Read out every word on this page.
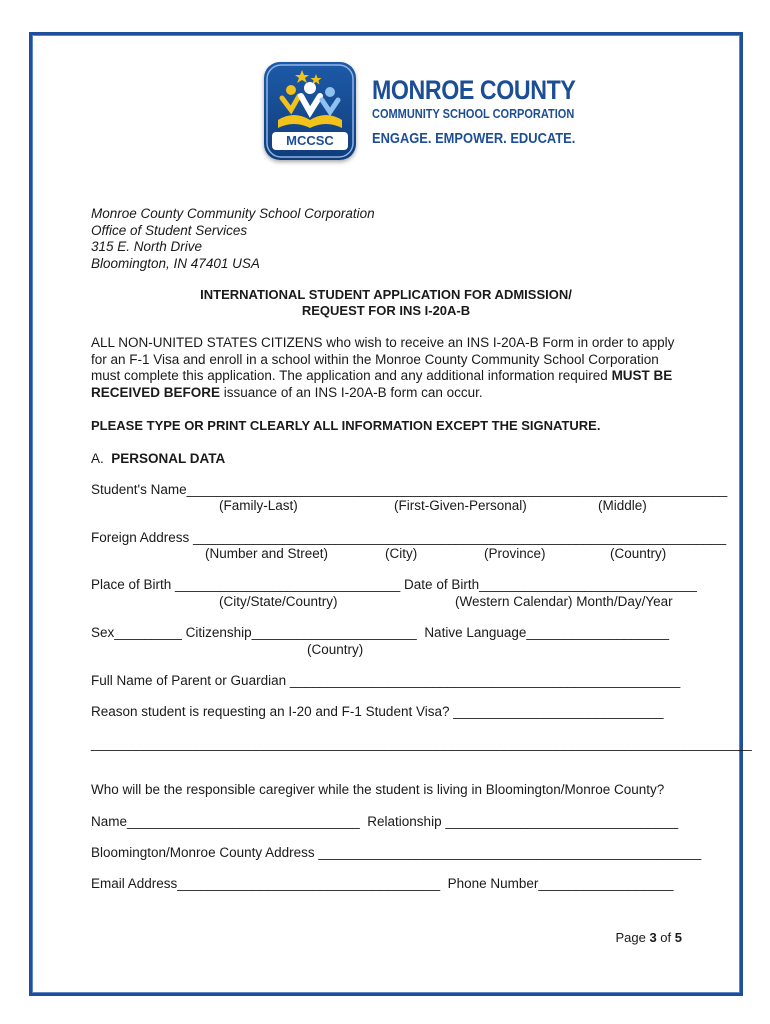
MCCSC
MONROE COUNTY
COMMUNITY SCHOOL CORPORATION
ENGAGE. EMPOWER. EDUCATE.
Monroe County Community School Corporation
Office of Student Services
315 E. North Drive
Bloomington, IN 47401 USA
INTERNATIONAL STUDENT APPLICATION FOR ADMISSION/
REQUEST FOR INS I-20A-B
ALL NON-UNITED STATES CITIZENS who wish to receive an INS I-20A-B Form in order to apply for an F-1 Visa and enroll in a school within the Monroe County Community School Corporation must complete this application. The application and any additional information required MUST BE RECEIVED BEFORE issuance of an INS I-20A-B form can occur.
PLEASE TYPE OR PRINT CLEARLY ALL INFORMATION EXCEPT THE SIGNATURE.
A. PERSONAL DATA
Student's Name________________________________________________________________________
(Family-Last)	(First-Given-Personal)	(Middle)
Foreign Address _______________________________________________________________________
(Number and Street)	(City)	(Province)	(Country)
Place of Birth ______________________________ Date of Birth_____________________________
(City/State/Country)	(Western Calendar) Month/Day/Year
Sex_________ Citizenship______________________  Native Language___________________
(Country)
Full Name of Parent or Guardian ____________________________________________________
Reason student is requesting an I-20 and F-1 Student Visa? ____________________________
________________________________________________________________________________________
Who will be the responsible caregiver while the student is living in Bloomington/Monroe County?
Name_______________________________  Relationship _______________________________
Bloomington/Monroe County Address ___________________________________________________
Email Address___________________________________  Phone Number__________________
Page 3 of 5
